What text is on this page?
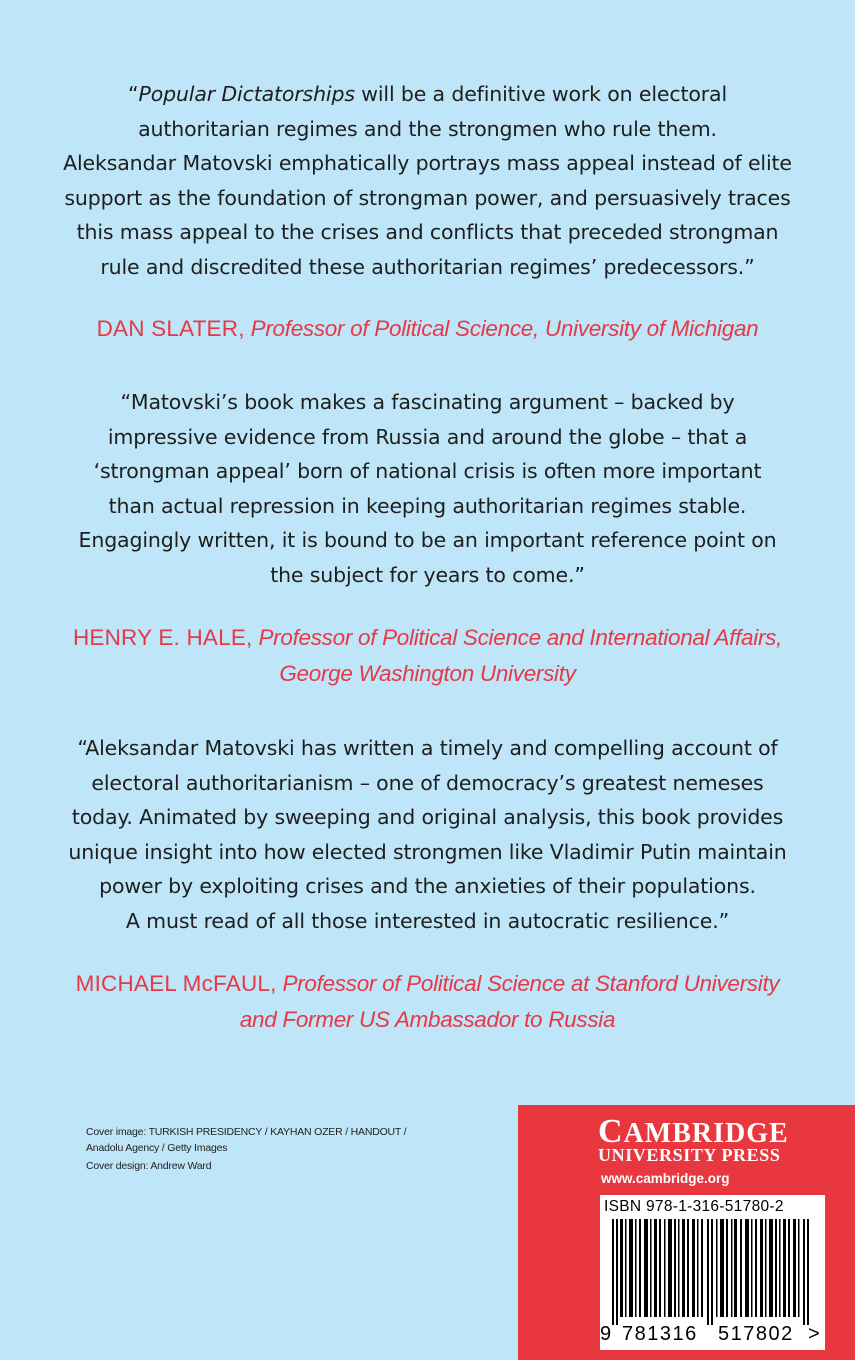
“Popular Dictatorships will be a definitive work on electoral
authoritarian regimes and the strongmen who rule them.
Aleksandar Matovski emphatically portrays mass appeal instead of elite
support as the foundation of strongman power, and persuasively traces
this mass appeal to the crises and conflicts that preceded strongman
rule and discredited these authoritarian regimes’ predecessors.”
DAN SLATER, Professor of Political Science, University of Michigan
“Matovski’s book makes a fascinating argument – backed by
impressive evidence from Russia and around the globe – that a
‘strongman appeal’ born of national crisis is often more important
than actual repression in keeping authoritarian regimes stable.
Engagingly written, it is bound to be an important reference point on
the subject for years to come.”
HENRY E. HALE, Professor of Political Science and International Affairs,
George Washington University
“Aleksandar Matovski has written a timely and compelling account of
electoral authoritarianism – one of democracy’s greatest nemeses
today. Animated by sweeping and original analysis, this book provides
unique insight into how elected strongmen like Vladimir Putin maintain
power by exploiting crises and the anxieties of their populations.
A must read of all those interested in autocratic resilience.”
MICHAEL McFAUL, Professor of Political Science at Stanford University
and Former US Ambassador to Russia
Cover image: TURKISH PRESIDENCY / KAYHAN OZER / HANDOUT /
Anadolu Agency / Getty Images
Cover design: Andrew Ward
CAMBRIDGE
UNIVERSITY PRESS
www.cambridge.org
ISBN 978-1-316-51780-2
9 781316 517802 >
